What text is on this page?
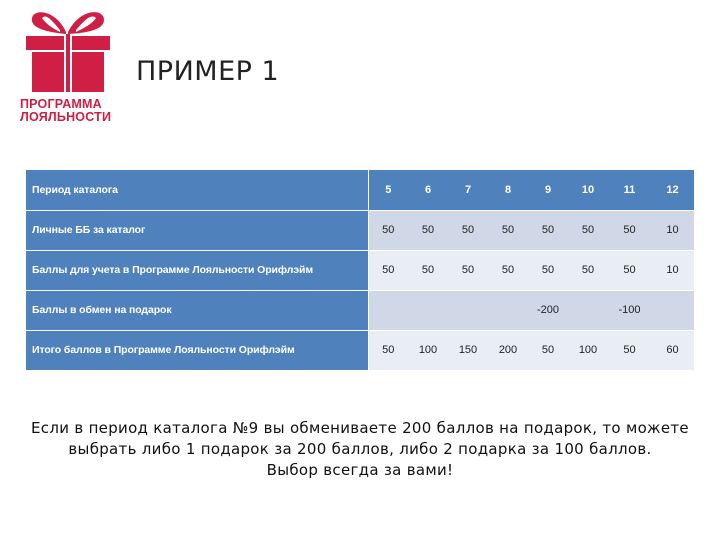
ПРОГРАММА
ЛОЯЛЬНОСТИ
ПРИМЕР 1
Период каталога	5	6	7	8	9	10	11	12
Личные ББ за каталог	50	50	50	50	50	50	50	10
Баллы для учета в Программе Лояльности Орифлэйм	50	50	50	50	50	50	50	10
Баллы в обмен на подарок					-200		-100	
Итого баллов в Программе Лояльности Орифлэйм	50	100	150	200	50	100	50	60
Если в период каталога №9 вы обмениваете 200 баллов на подарок, то можете
выбрать либо 1 подарок за 200 баллов, либо 2 подарка за 100 баллов.
Выбор всегда за вами!
